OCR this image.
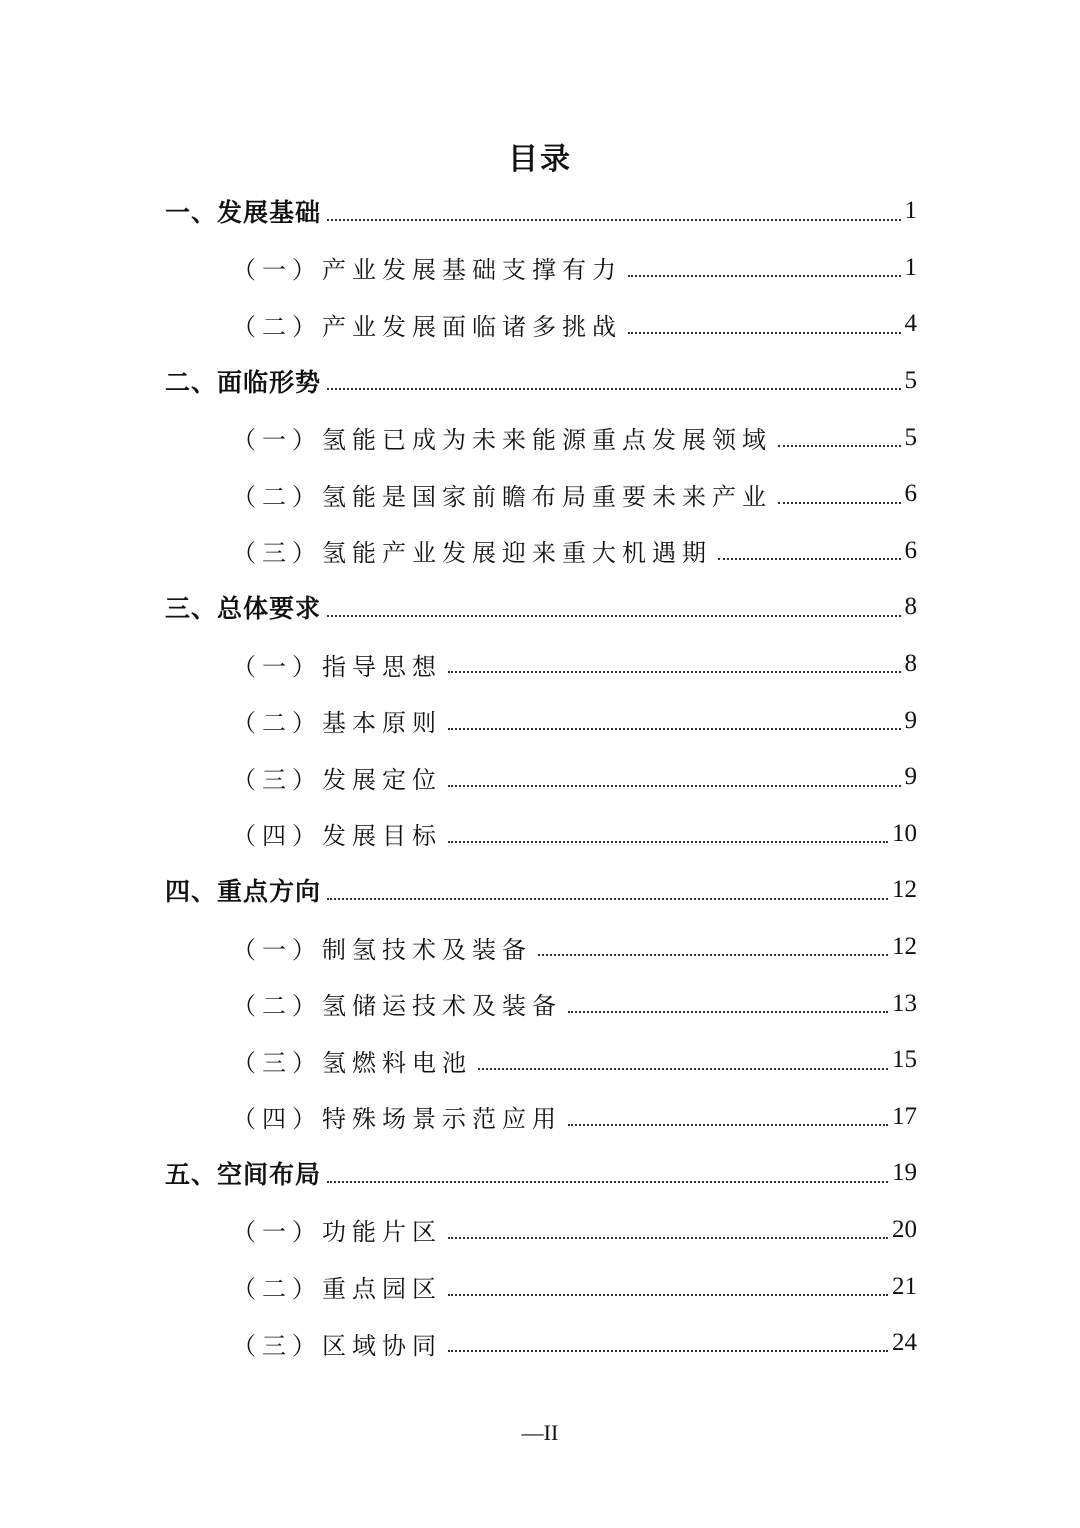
目录
一、发展基础	1
（一）产业发展基础支撑有力	1
（二）产业发展面临诸多挑战	4
二、面临形势	5
（一）氢能已成为未来能源重点发展领域	5
（二）氢能是国家前瞻布局重要未来产业	6
（三）氢能产业发展迎来重大机遇期	6
三、总体要求	8
（一）指导思想	8
（二）基本原则	9
（三）发展定位	9
（四）发展目标	10
四、重点方向	12
（一）制氢技术及装备	12
（二）氢储运技术及装备	13
（三）氢燃料电池	15
（四）特殊场景示范应用	17
五、空间布局	19
（一）功能片区	20
（二）重点园区	21
（三）区域协同	24
—II
